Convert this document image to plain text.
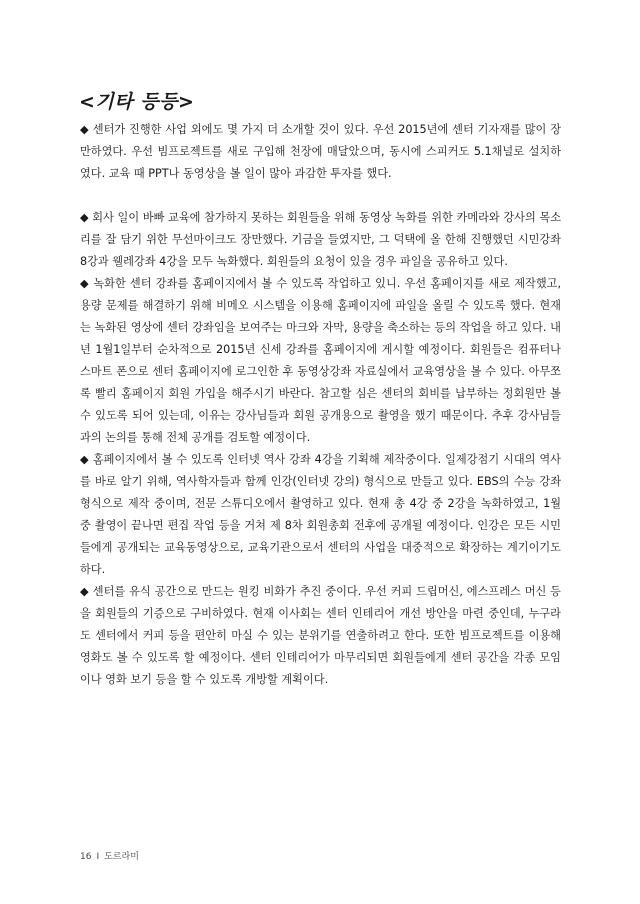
<기타 등등>

◆ 센터가 진행한 사업 외에도 몇 가지 더 소개할 것이 있다. 우선 2015년에 센터 기자재를 많이 장만하였다. 우선 빔프로젝트를 새로 구입해 천장에 매달았으며, 동시에 스피커도 5.1채널로 설치하였다. 교육 때 PPT나 동영상을 볼 일이 많아 과감한 투자를 했다.

◆ 회사 일이 바빠 교육에 참가하지 못하는 회원들을 위해 동영상 녹화를 위한 카메라와 강사의 목소리를 잘 담기 위한 무선마이크도 장만했다. 기금을 들였지만, 그 덕택에 올 한해 진행했던 시민강좌 8강과 웰레강좌 4강을 모두 녹화했다. 회원들의 요청이 있을 경우 파일을 공유하고 있다.

◆ 녹화한 센터 강좌를 홈페이지에서 볼 수 있도록 작업하고 있니. 우선 홈페이지를 새로 제작했고, 용량 문제를 해결하기 위해 비메오 시스템을 이용해 홈페이지에 파일을 올릴 수 있도록 했다. 현재는 녹화된 영상에 센터 강좌임을 보여주는 마크와 자막, 용량을 축소하는 등의 작업을 하고 있다. 내년 1월1일부터 순차적으로 2015년 신세 강좌를 홈페이지에 게시할 예정이다. 회원들은 컴퓨터나 스마트 폰으로 센터 홈페이지에 로그인한 후 동영상강좌 자료실에서 교육영상을 볼 수 있다. 아무쪼록 빨리 홈페이지 회원 가입을 해주시기 바란다. 참고할 심은 센터의 회비를 납부하는 정회원만 볼 수 있도록 되어 있는데, 이유는 강사님들과 회원 공개용으로 촬영을 했기 때문이다. 추후 강사님들과의 논의를 통해 전체 공개를 검토할 예정이다.

◆ 홈페이지에서 볼 수 있도록 인터넷 역사 강좌 4강을 기획해 제작중이다. 일제강점기 시대의 역사를 바로 알기 위해, 역사학자들과 함께 인강(인터넷 강의) 형식으로 만들고 있다. EBS의 수능 강좌 형식으로 제작 중이며, 전문 스튜디오에서 촬영하고 있다. 현재 총 4강 중 2강을 녹화하였고, 1월 중 촬영이 끝나면 편집 작업 등을 거쳐 제 8차 회원총회 전후에 공개될 예정이다. 인강은 모든 시민들에게 공개되는 교육동영상으로, 교육기관으로서 센터의 사업을 대중적으로 확장하는 계기이기도 하다.

◆ 센터를 유식 공간으로 만드는 원킹 비화가 추진 중이다. 우선 커피 드립머신, 에스프레스 머신 등을 회원들의 기증으로 구비하였다. 현재 이사회는 센터 인테리어 개선 방안을 마련 중인데, 누구라도 센터에서 커피 등을 편안히 마실 수 있는 분위기를 연출하려고 한다. 또한 빔프로젝트를 이용해 영화도 볼 수 있도록 할 예정이다. 센터 인테리어가 마무리되면 회원들에게 센터 공간을 각종 모임이나 영화 보기 등을 할 수 있도록 개방할 계획이다.

16 I 도르라미
